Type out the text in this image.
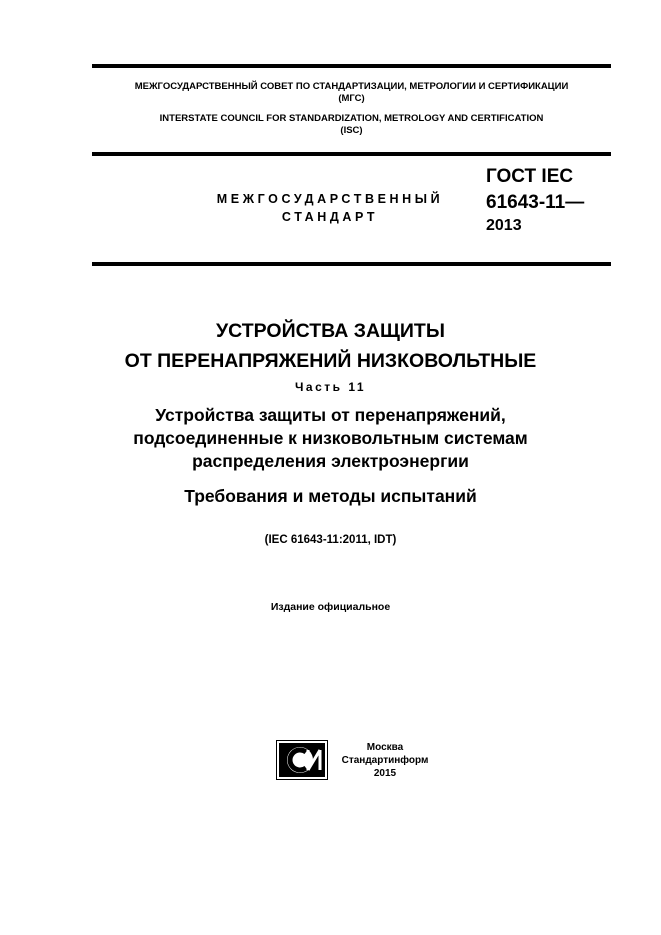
МЕЖГОСУДАРСТВЕННЫЙ СОВЕТ ПО СТАНДАРТИЗАЦИИ, МЕТРОЛОГИИ И СЕРТИФИКАЦИИ
(МГС)
INTERSTATE COUNCIL FOR STANDARDIZATION, METROLOGY AND CERTIFICATION
(ISC)
МЕЖГОСУДАРСТВЕННЫЙ
СТАНДАРТ
ГОСТ IEC
61643-11—
2013
УСТРОЙСТВА ЗАЩИТЫ
ОТ ПЕРЕНАПРЯЖЕНИЙ НИЗКОВОЛЬТНЫЕ
Часть 11
Устройства защиты от перенапряжений,
подсоединенные к низковольтным системам
распределения электроэнергии
Требования и методы испытаний
(IEC 61643-11:2011, IDT)
Издание официальное
Москва
Стандартинформ
2015
